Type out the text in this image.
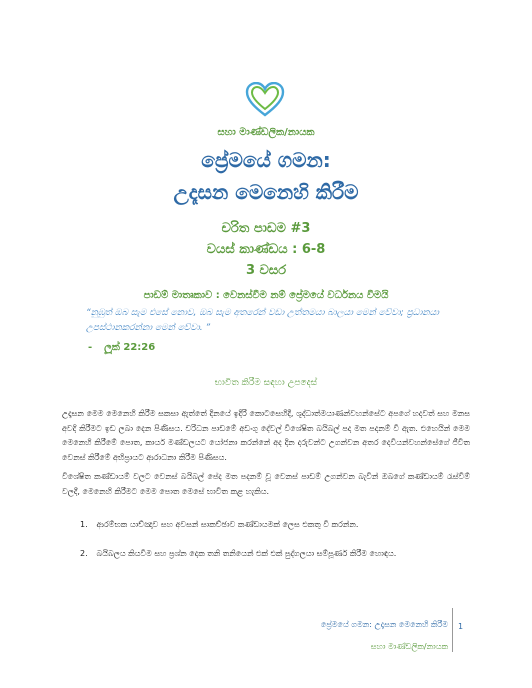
සහා මාණ්ඩලික/නායක
ප්‍රේමයේ ගමන:
උදෑසන මෙනෙහි කිරීම
චරිත පාඩම #3
වයස් කාණ්ඩය : 6-8
3 වසර
පාඩම් මාතෘකාව : වෙනස්වීම නම් ප්‍රේමයේ වර්ධනය වීමයි
“නුඹුත් ඔබ සැම එසේ නොව, ඔබ සැම අතරෙන් වඩා උත්තමයා බාලයා මෙන් වේවා; ප්‍රධානයා උපස්ථානකරන්නා මෙන් වේවා. ”
- ලූක් 22:26
භාවිත කිරීම සඳහා උපදෙස්
උදෑසන මෙම මෙනෙහි කිරීම සකසා ඇත්තේ දිනයේ ඉදිරි කොටසෙහිදී, ශුද්ධාත්මයාණන්වහන්සේට අපගේ හදවත් සහ මනස අවදි කිරීමට ඉඩ ලබා දෙන පිණිසය. චරිධන පාඩමේ අඩංගු දේවල් විශේෂිත බයිබල් පද මත පදනම් වී ඇත. එහෙයින් මෙම මෙනෙහි කිරීමේ පොත, කාර්ය මණ්ඩලයට යෝජනා කරන්නේ අද දින දරුවන්ට උගන්වන අතර දෙවියන්වහන්සේගේ ජීවිත වෙනස් කිරීමේ අභිප්‍රායට ආරාධනා කිරීම පිණිසය.
විශේෂිත කණ්ඩායම් වලට වෙනස් බයිබල් පේද මත පදනම් වූ වෙනස් පාඩම් උගන්වන බැවින් ඔබගේ කණ්ඩායම් රැස්වීම් වලදී, මෙනෙහි කිරීමට මෙම පොත මෙසේ භාවිත කළ හැකිය.
1. ආරම්භක යාච්ඤාව සහ අවසන් සාකච්ඡාව කණ්ඩායමක් ලෙස එකතු වී කරන්න.
2. බයිබලය කියවීම සහ ප්‍රශ්න දෙක තනි තනියෙන් එක් එක් පුද්ගලයා සම්පූර්ණ කිරීම හොඳය.
ප්‍රේමයේ ගමන: උදෑසන මෙනෙහි කිරීම
සහා මාණ්ඩලික/නායක
1
